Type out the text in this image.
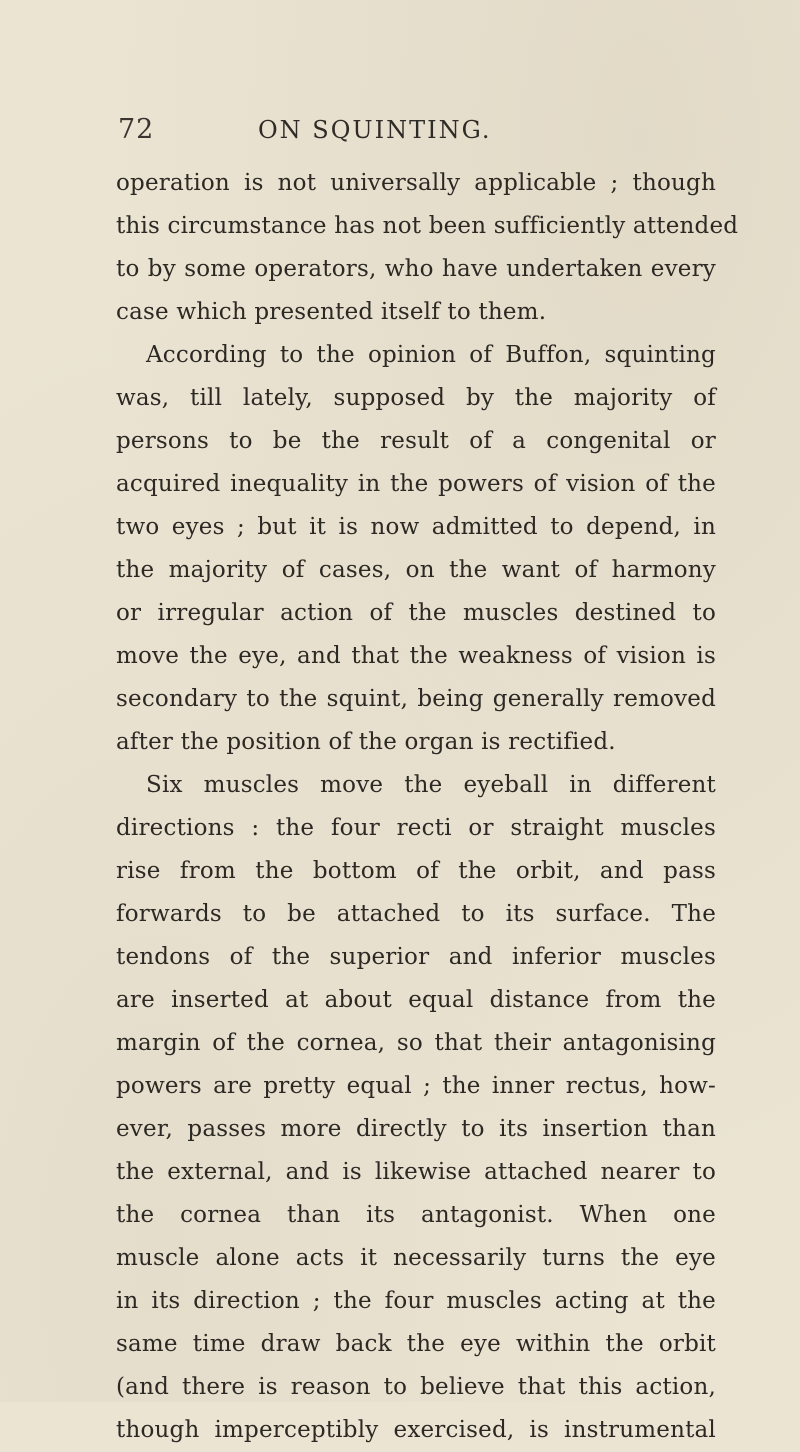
72	ON SQUINTING.
operation is not universally applicable ; though
this circumstance has not been sufficiently attended
to by some operators, who have undertaken every
case which presented itself to them.
According to the opinion of Buffon, squinting
was, till lately, supposed by the majority of
persons to be the result of a congenital or
acquired inequality in the powers of vision of the
two eyes ; but it is now admitted to depend, in
the majority of cases, on the want of harmony
or irregular action of the muscles destined to
move the eye, and that the weakness of vision is
secondary to the squint, being generally removed
after the position of the organ is rectified.
Six muscles move the eyeball in different
directions : the four recti or straight muscles
rise from the bottom of the orbit, and pass
forwards to be attached to its surface. The
tendons of the superior and inferior muscles
are inserted at about equal distance from the
margin of the cornea, so that their antagonising
powers are pretty equal ; the inner rectus, how-
ever, passes more directly to its insertion than
the external, and is likewise attached nearer to
the cornea than its antagonist. When one
muscle alone acts it necessarily turns the eye
in its direction ; the four muscles acting at the
same time draw back the eye within the orbit
(and there is reason to believe that this action,
though imperceptibly exercised, is instrumental
